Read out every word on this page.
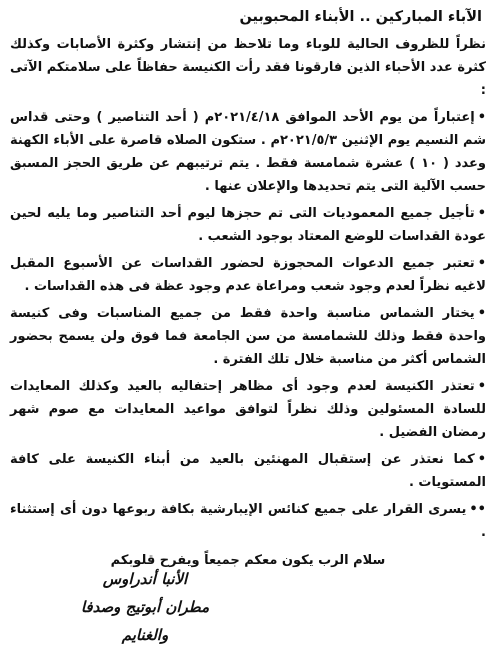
الآباء المباركين .. الأبناء المحبوبين

نظراً للظروف الحالية للوباء وما تلاحظ من إنتشار وكثرة الأصابات وكذلك كثرة عدد الأحباء الذين فارقونا فقد رأت الكنيسة حفاظاً على سلامتكم الآتى :

•إعتباراً من يوم الأحد الموافق ٢٠٢١/٤/١٨م ( أحد التناصير ) وحتى قداس شم النسيم يوم الإثنين ٢٠٢١/٥/٣م . ستكون الصلاه قاصرة على الأباء الكهنة وعدد ( ١٠ ) عشرة شمامسة فقط . يتم ترتيبهم عن طريق الحجز المسبق حسب الآلية التى يتم تحديدها والإعلان عنها .

•تأجيل جميع المعموديات التى تم حجزها ليوم أحد التناصير وما يليه لحين عودة القداسات للوضع المعتاد بوجود الشعب .

•تعتبر جميع الدعوات المحجوزة لحضور القداسات عن الأسبوع المقبل لاغيه نظراً لعدم وجود شعب ومراعاة عدم وجود عظة فى هذه القداسات .

•يختار الشماس مناسبة واحدة فقط من جميع المناسبات وفى كنيسة واحدة فقط وذلك للشمامسة من سن الجامعة فما فوق ولن يسمح بحضور الشماس أكثر من مناسبة خلال تلك الفترة .

•تعتذر الكنيسة لعدم وجود أى مظاهر إحتفاليه بالعيد وكذلك المعايدات للسادة المسئولين وذلك نظراً لتوافق مواعيد المعايدات مع صوم شهر رمضان الفضيل .

•كما نعتذر عن إستقبال المهنئين بالعيد من أبناء الكنيسة على كافة المستويات .

••يسرى القرار على جميع كنائس الإيبارشية بكافة ربوعها دون أى إستثناء .

سلام الرب يكون معكم جميعاً ويفرح قلوبكم
الأنبا أندراوس
مطران أبوتيج وصدفا والغنايم
